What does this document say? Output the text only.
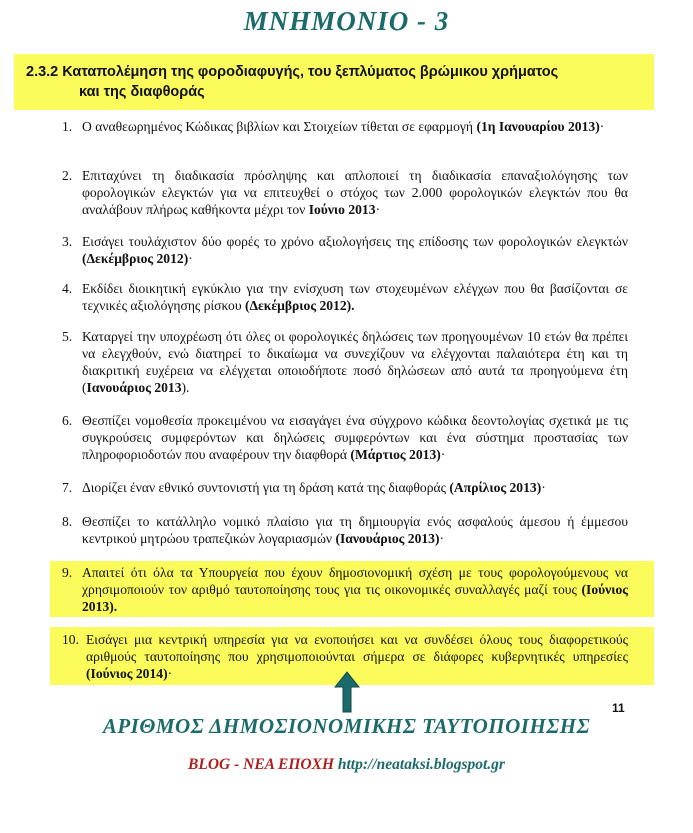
ΜΝΗΜΟΝΙΟ - 3
2.3.2 Καταπολέμηση της φοροδιαφυγής, του ξεπλύματος βρώμικου χρήματος
και της διαφθοράς
1. Ο αναθεωρημένος Κώδικας βιβλίων και Στοιχείων τίθεται σε εφαρμογή (1η Ιανουαρίου 2013)·
2. Επιταχύνει τη διαδικασία πρόσληψης και απλοποιεί τη διαδικασία επαναξιολόγησης των φορολογικών ελεγκτών για να επιτευχθεί ο στόχος των 2.000 φορολογικών ελεγκτών που θα αναλάβουν πλήρως καθήκοντα μέχρι τον Ιούνιο 2013·
3. Εισάγει τουλάχιστον δύο φορές το χρόνο αξιολογήσεις της επίδοσης των φορολογικών ελεγκτών (Δεκέμβριος 2012)·
4. Εκδίδει διοικητική εγκύκλιο για την ενίσχυση των στοχευμένων ελέγχων που θα βασίζονται σε τεχνικές αξιολόγησης ρίσκου (Δεκέμβριος 2012).
5. Καταργεί την υποχρέωση ότι όλες οι φορολογικές δηλώσεις των προηγουμένων 10 ετών θα πρέπει να ελεγχθούν, ενώ διατηρεί το δικαίωμα να συνεχίζουν να ελέγχονται παλαιότερα έτη και τη διακριτική ευχέρεια να ελέγχεται οποιοδήποτε ποσό δηλώσεων από αυτά τα προηγούμενα έτη (Ιανουάριος 2013).
6. Θεσπίζει νομοθεσία προκειμένου να εισαγάγει ένα σύγχρονο κώδικα δεοντολογίας σχετικά με τις συγκρούσεις συμφερόντων και δηλώσεις συμφερόντων και ένα σύστημα προστασίας των πληροφοριοδοτών που αναφέρουν την διαφθορά (Μάρτιος 2013)·
7. Διορίζει έναν εθνικό συντονιστή για τη δράση κατά της διαφθοράς (Απρίλιος 2013)·
8. Θεσπίζει το κατάλληλο νομικό πλαίσιο για τη δημιουργία ενός ασφαλούς άμεσου ή έμμεσου κεντρικού μητρώου τραπεζικών λογαριασμών (Ιανουάριος 2013)·
9. Απαιτεί ότι όλα τα Υπουργεία που έχουν δημοσιονομική σχέση με τους φορολογούμενους να χρησιμοποιούν τον αριθμό ταυτοποίησης τους για τις οικονομικές συναλλαγές μαζί τους (Ιούνιος 2013).
10. Εισάγει μια κεντρική υπηρεσία για να ενοποιήσει και να συνδέσει όλους τους διαφορετικούς αριθμούς ταυτοποίησης που χρησιμοποιούνται σήμερα σε διάφορες κυβερνητικές υπηρεσίες (Ιούνιος 2014)·
11
ΑΡΙΘΜΟΣ ΔΗΜΟΣΙΟΝΟΜΙΚΗΣ ΤΑΥΤΟΠΟΙΗΣΗΣ
BLOG - ΝΕΑ ΕΠΟΧΗ http://neataksi.blogspot.gr
